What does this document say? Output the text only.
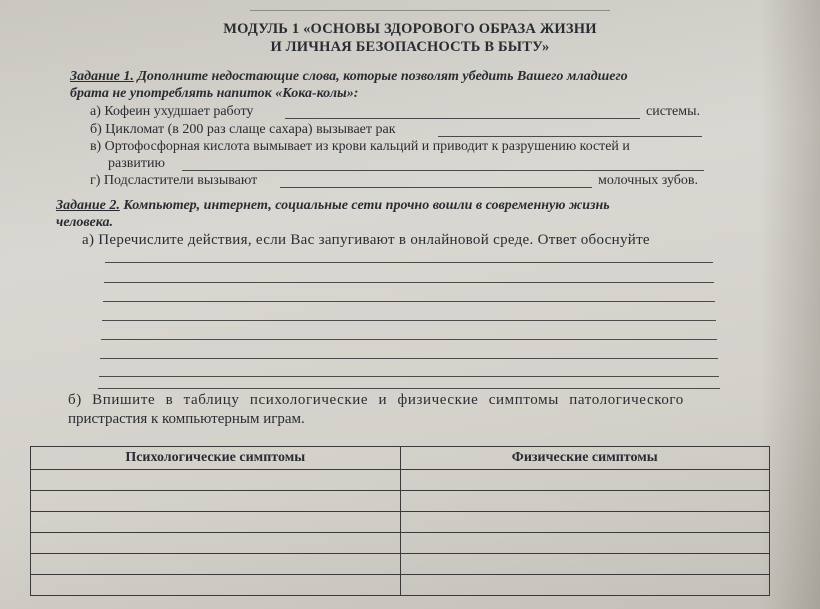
МОДУЛЬ 1 «ОСНОВЫ ЗДОРОВОГО ОБРАЗА ЖИЗНИ
И ЛИЧНАЯ БЕЗОПАСНОСТЬ В БЫТУ»
Задание 1. Дополните недостающие слова, которые позволят убедить Вашего младшего
брата не употреблять напиток «Кока-колы»:
а) Кофеин ухудшает работу	системы.
б) Цикломат (в 200 раз слаще сахара) вызывает рак
в) Ортофосфорная кислота вымывает из крови кальций и приводит к разрушению костей и
развитию
г) Подсластители вызывают	молочных зубов.
Задание 2. Компьютер, интернет, социальные сети прочно вошли в современную жизнь
человека.
а) Перечислите действия, если Вас запугивают в онлайновой среде. Ответ обоснуйте
б) Впишите в таблицу психологические и физические симптомы патологического
пристрастия к компьютерным играм.
Психологические симптомы	Физические симптомы
